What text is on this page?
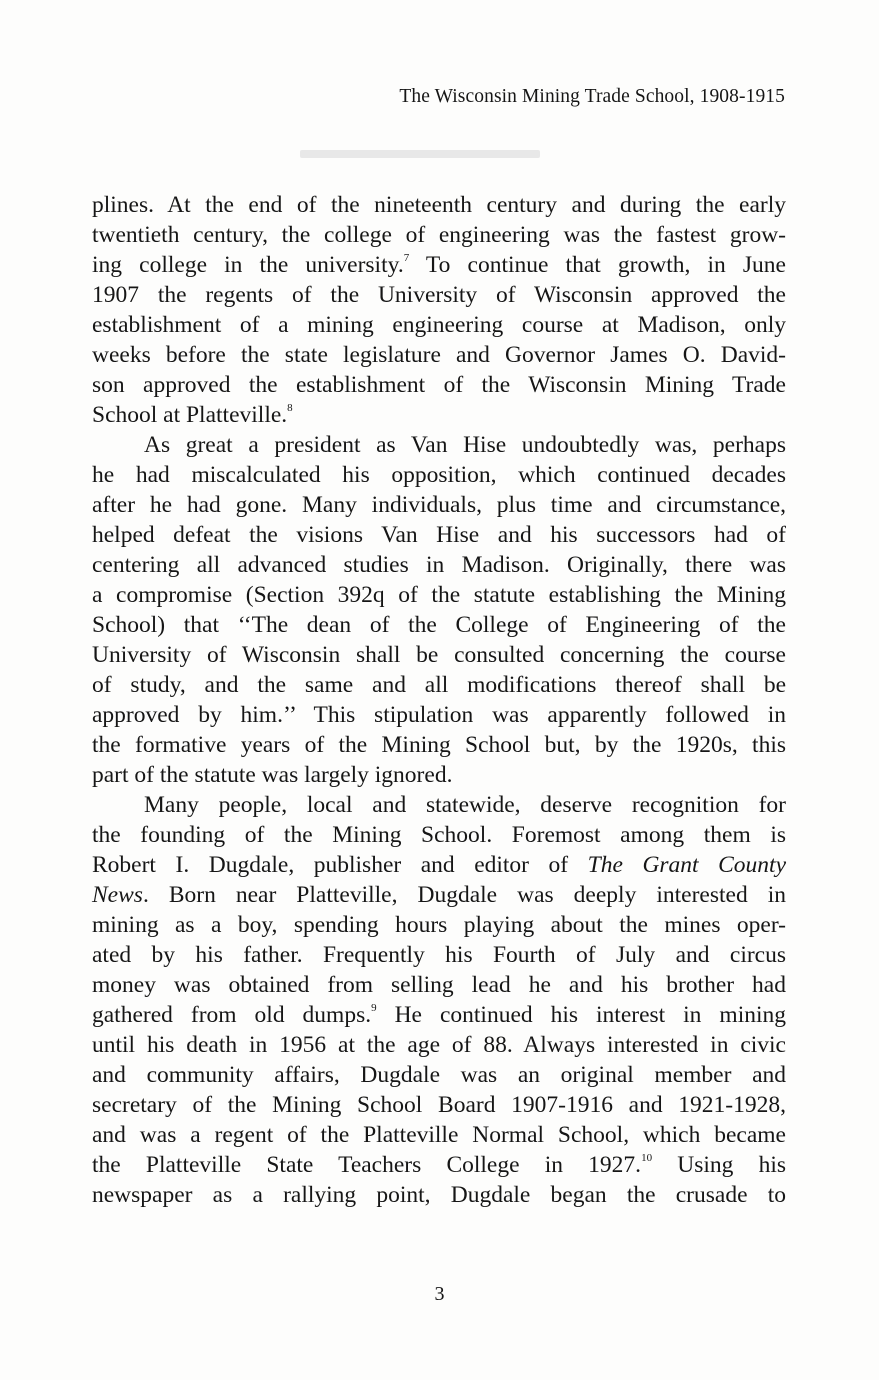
The Wisconsin Mining Trade School, 1908-1915
plines. At the end of the nineteenth century and during the early
twentieth century, the college of engineering was the fastest grow-
ing college in the university.$^7$ To continue that growth, in June
1907 the regents of the University of Wisconsin approved the
establishment of a mining engineering course at Madison, only
weeks before the state legislature and Governor James O. David-
son approved the establishment of the Wisconsin Mining Trade
School at Platteville.$^8$
As great a president as Van Hise undoubtedly was, perhaps
he had miscalculated his opposition, which continued decades
after he had gone. Many individuals, plus time and circumstance,
helped defeat the visions Van Hise and his successors had of
centering all advanced studies in Madison. Originally, there was
a compromise (Section 392q of the statute establishing the Mining
School) that ‘‘The dean of the College of Engineering of the
University of Wisconsin shall be consulted concerning the course
of study, and the same and all modifications thereof shall be
approved by him.’’ This stipulation was apparently followed in
the formative years of the Mining School but, by the 1920s, this
part of the statute was largely ignored.
Many people, local and statewide, deserve recognition for
the founding of the Mining School. Foremost among them is
Robert I. Dugdale, publisher and editor of The Grant County
News. Born near Platteville, Dugdale was deeply interested in
mining as a boy, spending hours playing about the mines oper-
ated by his father. Frequently his Fourth of July and circus
money was obtained from selling lead he and his brother had
gathered from old dumps.$^9$ He continued his interest in mining
until his death in 1956 at the age of 88. Always interested in civic
and community affairs, Dugdale was an original member and
secretary of the Mining School Board 1907-1916 and 1921-1928,
and was a regent of the Platteville Normal School, which became
the Platteville State Teachers College in 1927.10 Using his
newspaper as a rallying point, Dugdale began the crusade to
3
